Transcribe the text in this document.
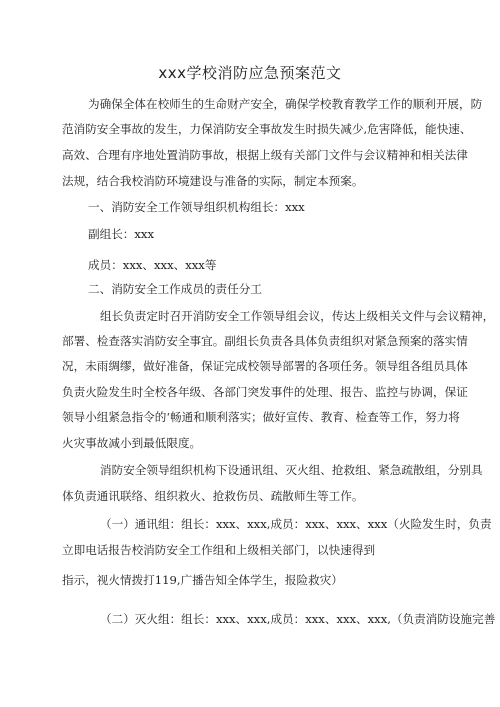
xxx学校消防应急预案范文
为确保全体在校师生的生命财产安全，确保学校教育教学工作的顺利开展，防
范消防安全事故的发生，力保消防安全事故发生时损失减少,危害降低，能快速、
高效、合理有序地处置消防事故，根据上级有关部门文件与会议精神和相关法律
法规，结合我校消防环境建设与准备的实际，制定本预案。
一、消防安全工作领导组织机构组长：xxx
副组长：xxx
成员：xxx、xxx、xxx等
二、消防安全工作成员的责任分工
组长负责定时召开消防安全工作领导组会议，传达上级相关文件与会议精神，
部署、检查落实消防安全事宜。副组长负责各具体负责组织对紧急预案的落实情
况，未雨绸缪，做好准备，保证完成校领导部署的各项任务。领导组各组员具体
负责火险发生时全校各年级、各部门突发事件的处理、报告、监控与协调，保证
领导小组紧急指令的‘畅通和顺利落实；做好宣传、教育、检查等工作，努力将
火灾事故减小到最低限度。
消防安全领导组织机构下设通讯组、灭火组、抢救组、紧急疏散组，分别具
体负责通讯联络、组织救火、抢救伤员、疏散师生等工作。
（一）通讯组：组长：xxx、xxx,成员：xxx、xxx、xxx（火险发生时，负责
立即电话报告校消防安全工作组和上级相关部门，以快速得到
指示，视火情拨打119,广播告知全体学生，报险救灾）
（二）灭火组：组长：xxx、xxx,成员：xxx、xxx、xxx,（负责消防设施完善
